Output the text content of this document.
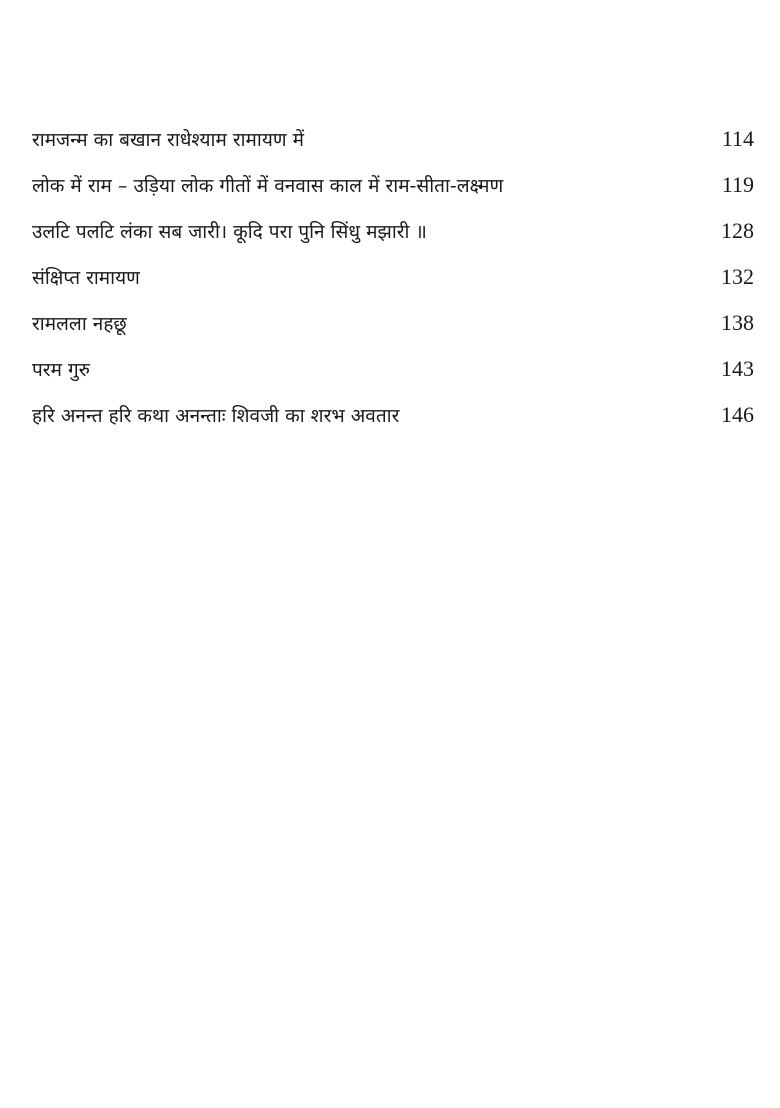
रामजन्म का बखान राधेश्याम रामायण में	114
लोक में राम – उड़िया लोक गीतों में वनवास काल में राम-सीता-लक्ष्मण	119
उलटि पलटि लंका सब जारी। कूदि परा पुनि सिंधु मझारी ॥	128
संक्षिप्त रामायण	132
रामलला नहछू	138
परम गुरु	143
हरि अनन्त हरि कथा अनन्ताः शिवजी का शरभ अवतार	146
